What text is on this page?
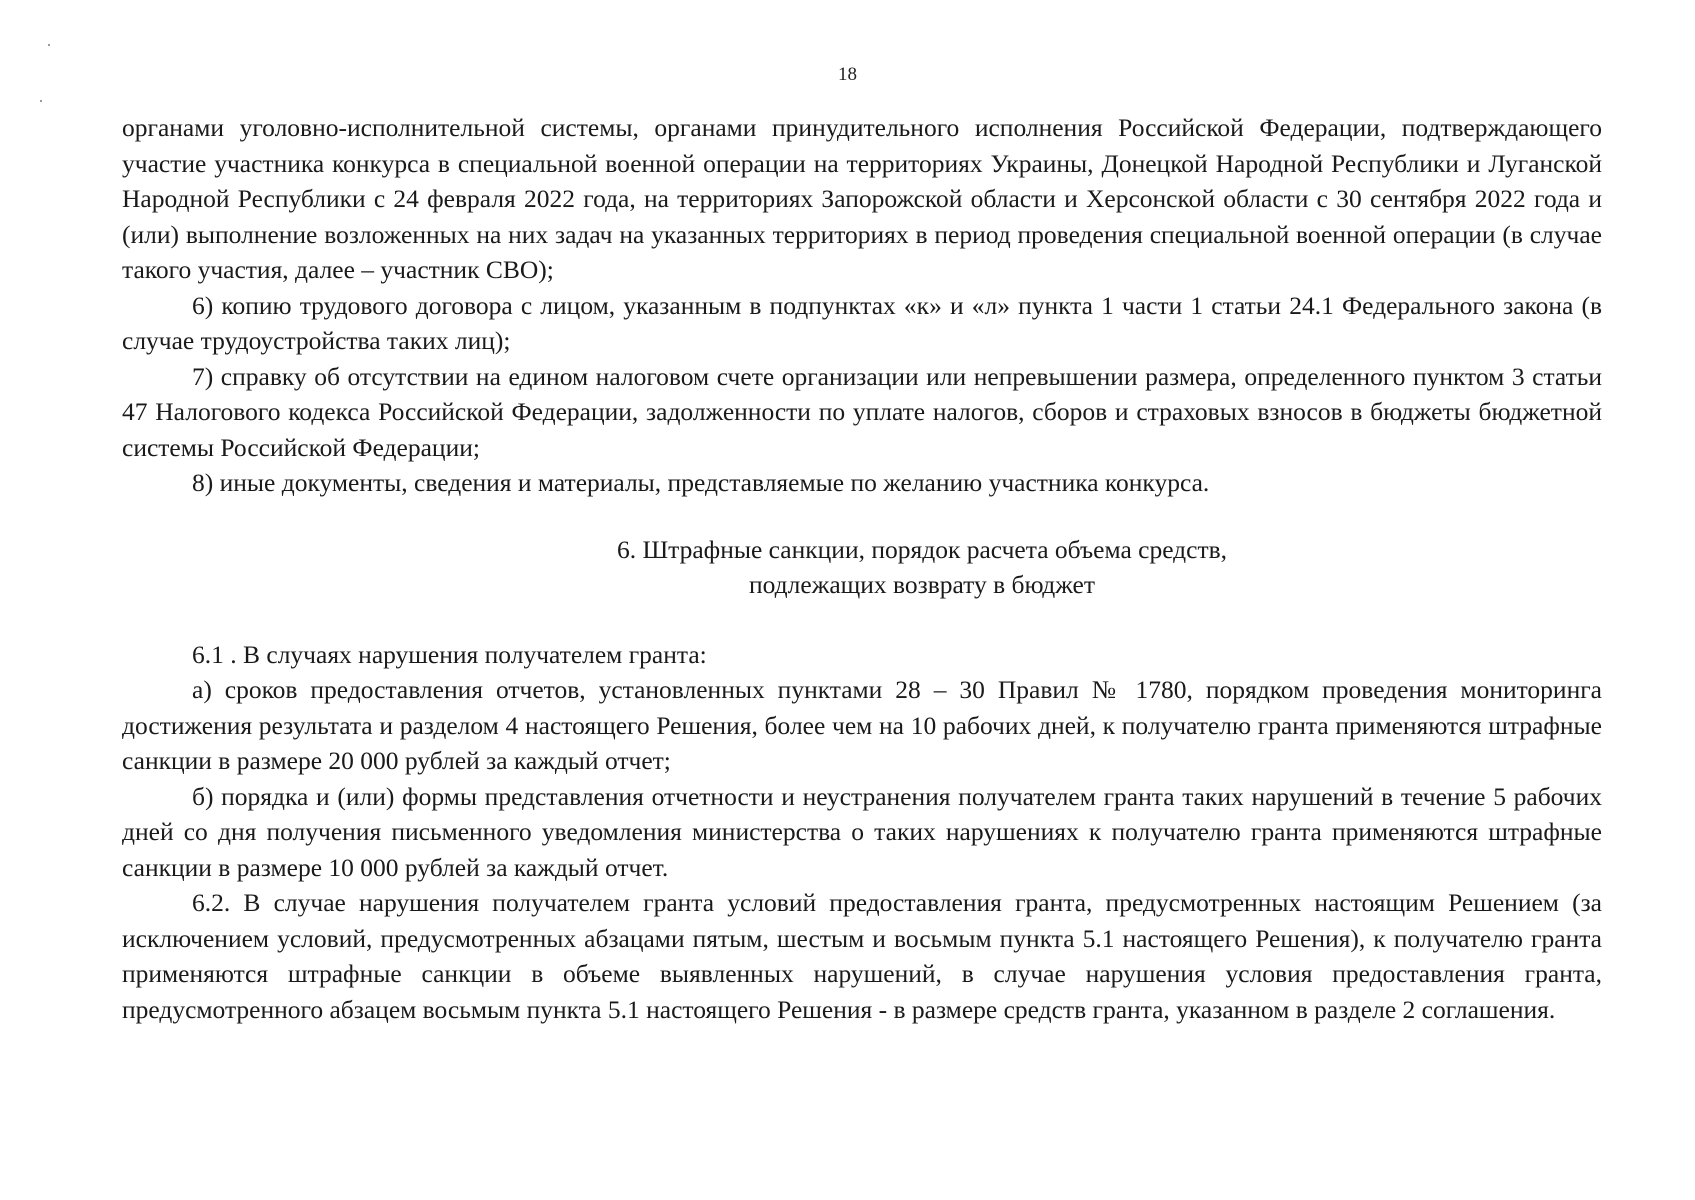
18

органами уголовно-исполнительной системы, органами принудительного исполнения Российской Федерации, подтверждающего участие участника конкурса в специальной военной операции на территориях Украины, Донецкой Народной Республики и Луганской Народной Республики с 24 февраля 2022 года, на территориях Запорожской области и Херсонской области с 30 сентября 2022 года и (или) выполнение возложенных на них задач на указанных территориях в период проведения специальной военной операции (в случае такого участия, далее – участник СВО);

6) копию трудового договора с лицом, указанным в подпунктах «к» и «л» пункта 1 части 1 статьи 24.1 Федерального закона (в случае трудоустройства таких лиц);

7) справку об отсутствии на едином налоговом счете организации или непревышении размера, определенного пунктом 3 статьи 47 Налогового кодекса Российской Федерации, задолженности по уплате налогов, сборов и страховых взносов в бюджеты бюджетной системы Российской Федерации;

8) иные документы, сведения и материалы, представляемые по желанию участника конкурса.

6. Штрафные санкции, порядок расчета объема средств,
подлежащих возврату в бюджет

6.1 . В случаях нарушения получателем гранта:

а) сроков предоставления отчетов, установленных пунктами 28 – 30 Правил № 1780, порядком проведения мониторинга достижения результата и разделом 4 настоящего Решения, более чем на 10 рабочих дней, к получателю гранта применяются штрафные санкции в размере 20 000 рублей за каждый отчет;

б) порядка и (или) формы представления отчетности и неустранения получателем гранта таких нарушений в течение 5 рабочих дней со дня получения письменного уведомления министерства о таких нарушениях к получателю гранта применяются штрафные санкции в размере 10 000 рублей за каждый отчет.

6.2. В случае нарушения получателем гранта условий предоставления гранта, предусмотренных настоящим Решением (за исключением условий, предусмотренных абзацами пятым, шестым и восьмым пункта 5.1 настоящего Решения), к получателю гранта применяются штрафные санкции в объеме выявленных нарушений, в случае нарушения условия предоставления гранта, предусмотренного абзацем восьмым пункта 5.1 настоящего Решения - в размере средств гранта, указанном в разделе 2 соглашения.
